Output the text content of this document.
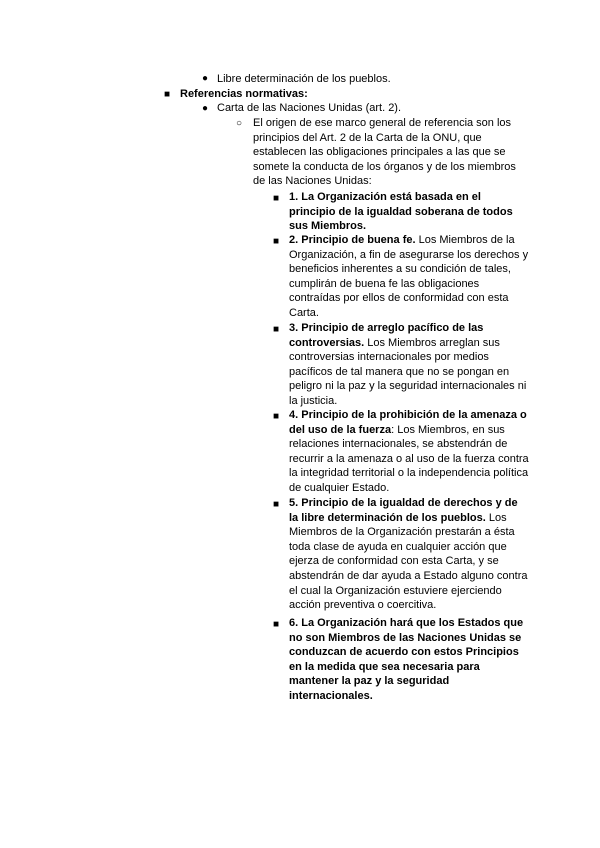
● Libre determinación de los pueblos.
■ Referencias normativas:
● Carta de las Naciones Unidas (art. 2).
○ El origen de ese marco general de referencia son los principios del Art. 2 de la Carta de la ONU, que establecen las obligaciones principales a las que se somete la conducta de los órganos y de los miembros de las Naciones Unidas:
■ 1. La Organización está basada en el principio de la igualdad soberana de todos sus Miembros.
■ 2. Principio de buena fe. Los Miembros de la Organización, a fin de asegurarse los derechos y beneficios inherentes a su condición de tales, cumplirán de buena fe las obligaciones contraídas por ellos de conformidad con esta Carta.
■ 3. Principio de arreglo pacífico de las controversias. Los Miembros arreglan sus controversias internacionales por medios pacíficos de tal manera que no se pongan en peligro ni la paz y la seguridad internacionales ni la justicia.
■ 4. Principio de la prohibición de la amenaza o del uso de la fuerza: Los Miembros, en sus relaciones internacionales, se abstendrán de recurrir a la amenaza o al uso de la fuerza contra la integridad territorial o la independencia política de cualquier Estado.
■ 5. Principio de la igualdad de derechos y de la libre determinación de los pueblos. Los Miembros de la Organización prestarán a ésta toda clase de ayuda en cualquier acción que ejerza de conformidad con esta Carta, y se abstendrán de dar ayuda a Estado alguno contra el cual la Organización estuviere ejerciendo acción preventiva o coercitiva.
■ 6. La Organización hará que los Estados que no son Miembros de las Naciones Unidas se conduzcan de acuerdo con estos Principios en la medida que sea necesaria para mantener la paz y la seguridad internacionales.
